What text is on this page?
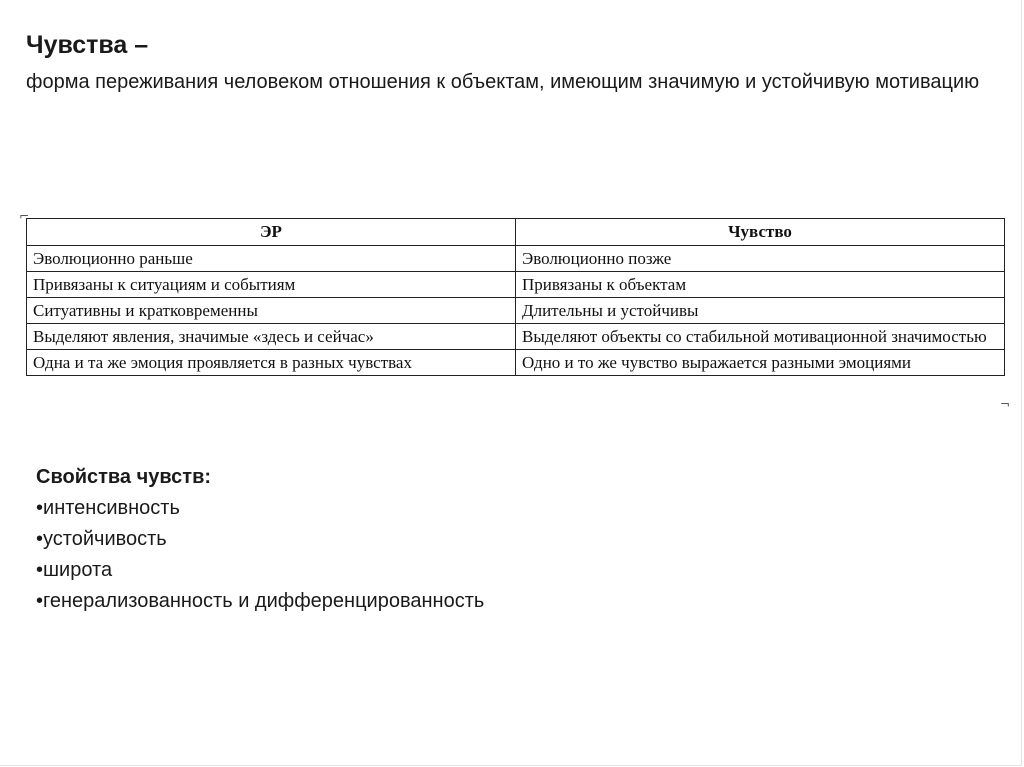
Чувства –
форма переживания человеком отношения к объектам, имеющим значимую и устойчивую мотивацию
⌐
¬
ЭР	Чувство
Эволюционно раньше	Эволюционно позже
Привязаны к ситуациям и событиям	Привязаны к объектам
Ситуативны и кратковременны	Длительны и устойчивы
Выделяют явления, значимые «здесь и сейчас»	Выделяют объекты со стабильной мотивационной значимостью
Одна и та же эмоция проявляется в разных чувствах	Одно и то же чувство выражается разными эмоциями
Свойства чувств:
• интенсивность
• устойчивость
• широта
• генерализованность и дифференцированность
